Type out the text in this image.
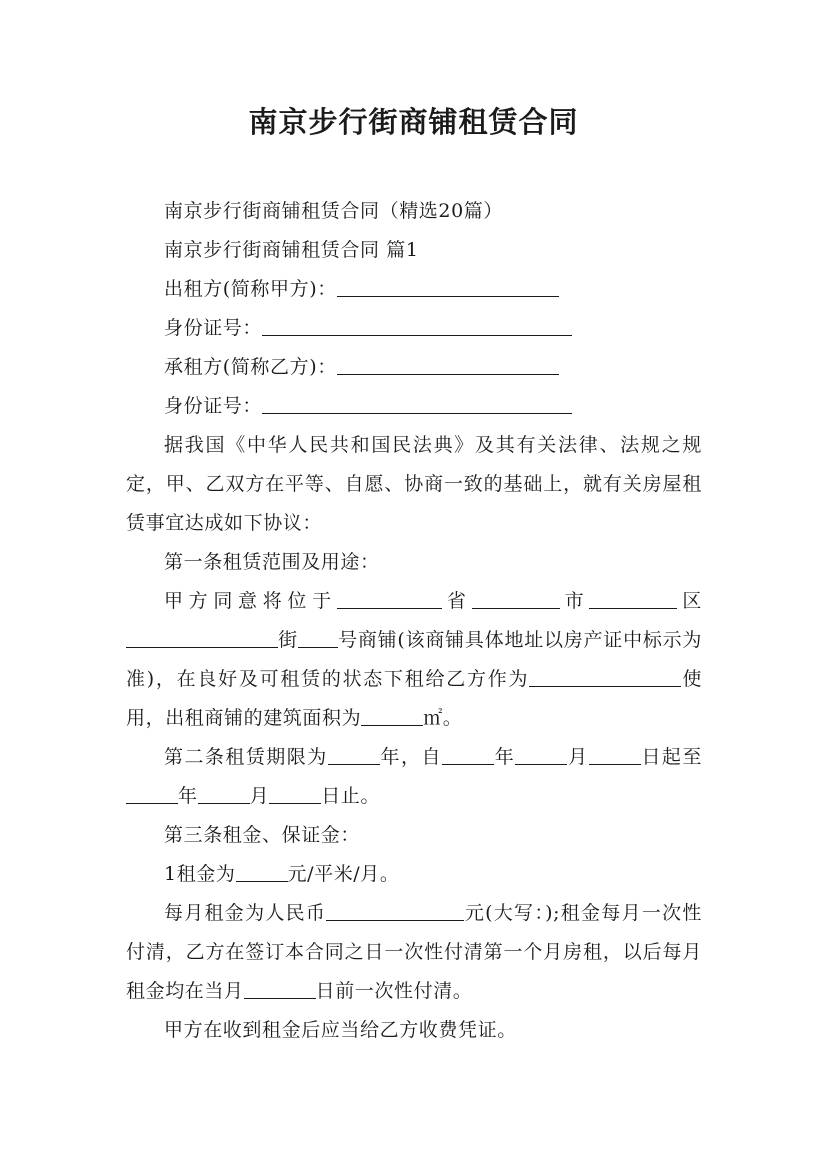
南京步行街商铺租赁合同

南京步行街商铺租赁合同（精选20篇）

南京步行街商铺租赁合同 篇1

出租方(简称甲方)：

身份证号：

承租方(简称乙方)：

身份证号：

据我国《中华人民共和国民法典》及其有关法律、法规之规定，甲、乙双方在平等、自愿、协商一致的基础上，就有关房屋租赁事宜达成如下协议：

第一条租赁范围及用途：

甲方同意将位于	省	市	区街 号商铺(该商铺具体地址以房产证中标示为准)，在良好及可租赁的状态下租给乙方作为	使用，出租商铺的建筑面积为	㎡。

第二条租赁期限为	年，自	年	月	日起至年	月	日止。

第三条租金、保证金：

1租金为	元/平米/月。

每月租金为人民币	元(大写：);租金每月一次性付清，乙方在签订本合同之日一次性付清第一个月房租，以后每月租金均在当月	日前一次性付清。

甲方在收到租金后应当给乙方收费凭证。
